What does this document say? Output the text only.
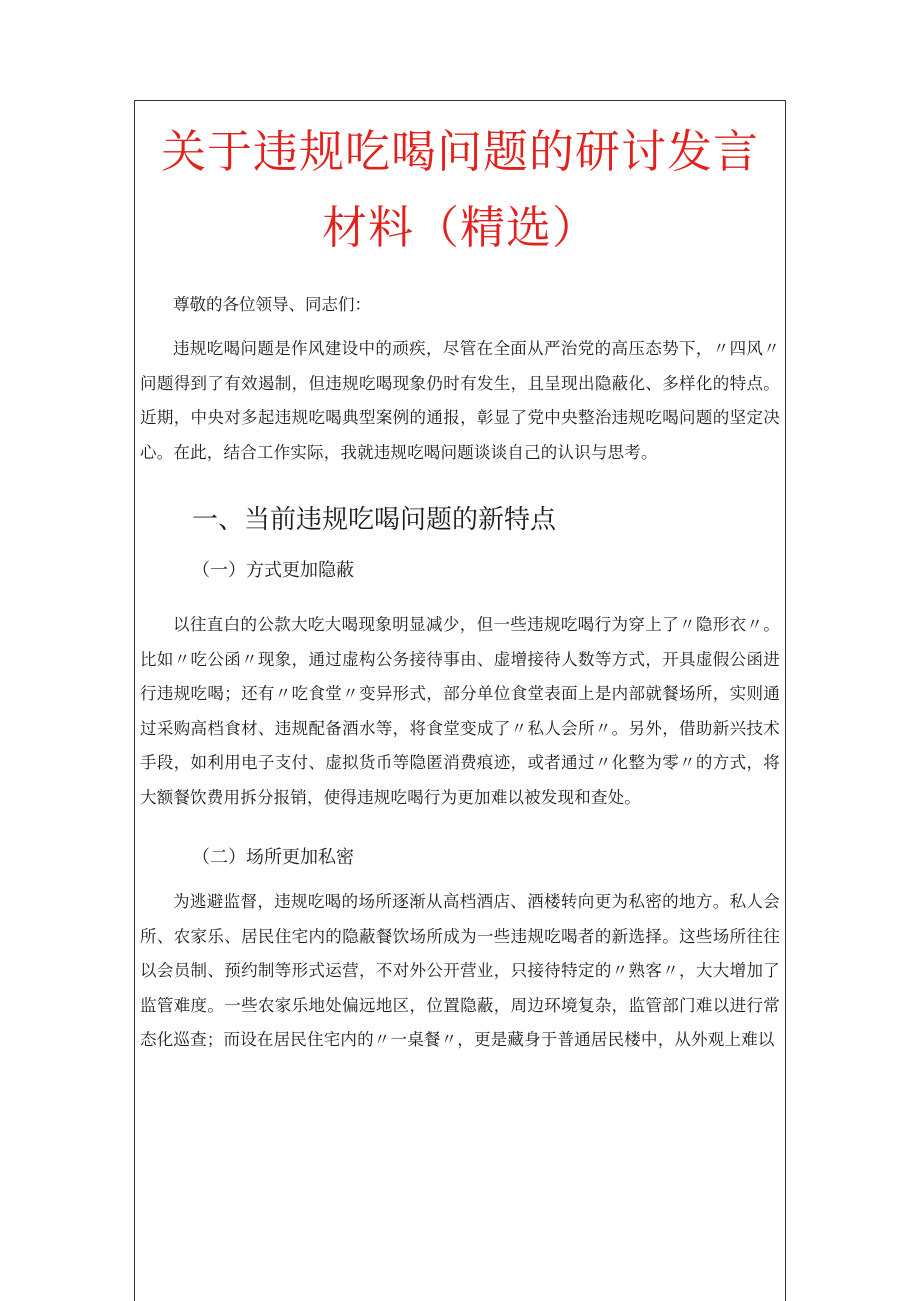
关于违规吃喝问题的研讨发言材料（精选）

尊敬的各位领导、同志们：

违规吃喝问题是作风建设中的顽疾，尽管在全面从严治党的高压态势下，〃四风〃问题得到了有效遏制，但违规吃喝现象仍时有发生，且呈现出隐蔽化、多样化的特点。近期，中央对多起违规吃喝典型案例的通报，彰显了党中央整治违规吃喝问题的坚定决心。在此，结合工作实际，我就违规吃喝问题谈谈自己的认识与思考。

一、当前违规吃喝问题的新特点
（一）方式更加隐蔽

以往直白的公款大吃大喝现象明显减少，但一些违规吃喝行为穿上了〃隐形衣〃。比如〃吃公函〃现象，通过虚构公务接待事由、虚增接待人数等方式，开具虚假公函进行违规吃喝；还有〃吃食堂〃变异形式，部分单位食堂表面上是内部就餐场所，实则通过采购高档食材、违规配备酒水等，将食堂变成了〃私人会所〃。另外，借助新兴技术手段，如利用电子支付、虚拟货币等隐匿消费痕迹，或者通过〃化整为零〃的方式，将大额餐饮费用拆分报销，使得违规吃喝行为更加难以被发现和查处。

（二）场所更加私密

为逃避监督，违规吃喝的场所逐渐从高档酒店、酒楼转向更为私密的地方。私人会所、农家乐、居民住宅内的隐蔽餐饮场所成为一些违规吃喝者的新选择。这些场所往往以会员制、预约制等形式运营，不对外公开营业，只接待特定的〃熟客〃，大大增加了监管难度。一些农家乐地处偏远地区，位置隐蔽，周边环境复杂，监管部门难以进行常态化巡查；而设在居民住宅内的〃一桌餐〃，更是藏身于普通居民楼中，从外观上难以
